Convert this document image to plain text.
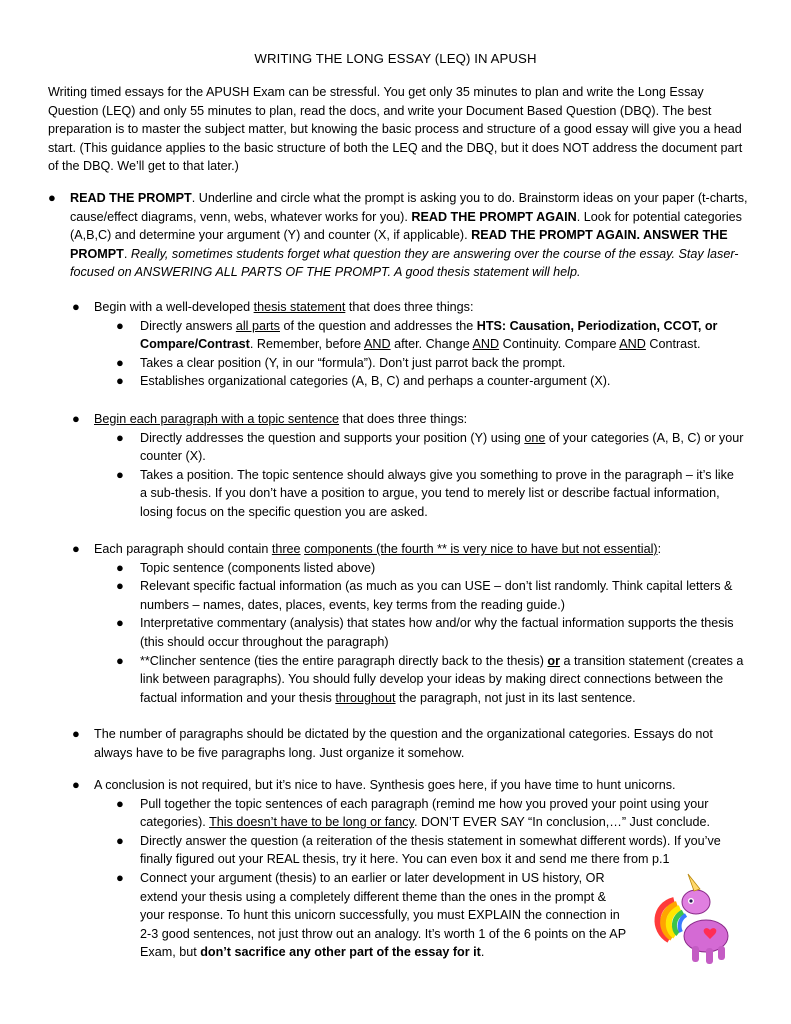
WRITING THE LONG ESSAY (LEQ) IN APUSH

Writing timed essays for the APUSH Exam can be stressful. You get only 35 minutes to plan and write the Long Essay Question (LEQ) and only 55 minutes to plan, read the docs, and write your Document Based Question (DBQ). The best preparation is to master the subject matter, but knowing the basic process and structure of a good essay will give you a head start. (This guidance applies to the basic structure of both the LEQ and the DBQ, but it does NOT address the document part of the DBQ. We’ll get to that later.)

● READ THE PROMPT. Underline and circle what the prompt is asking you to do. Brainstorm ideas on your paper (t-charts, cause/effect diagrams, venn, webs, whatever works for you). READ THE PROMPT AGAIN. Look for potential categories (A,B,C) and determine your argument (Y) and counter (X, if applicable). READ THE PROMPT AGAIN. ANSWER THE PROMPT. Really, sometimes students forget what question they are answering over the course of the essay. Stay laser-focused on ANSWERING ALL PARTS OF THE PROMPT. A good thesis statement will help.
● Begin with a well-developed thesis statement that does three things:
● Directly answers all parts of the question and addresses the HTS: Causation, Periodization, CCOT, or Compare/Contrast. Remember, before AND after. Change AND Continuity. Compare AND Contrast.
● Takes a clear position (Y, in our “formula”). Don’t just parrot back the prompt.
● Establishes organizational categories (A, B, C) and perhaps a counter-argument (X).
● Begin each paragraph with a topic sentence that does three things:
● Directly addresses the question and supports your position (Y) using one of your categories (A, B, C) or your counter (X).
● Takes a position. The topic sentence should always give you something to prove in the paragraph – it’s like a sub-thesis. If you don’t have a position to argue, you tend to merely list or describe factual information, losing focus on the specific question you are asked.
● Each paragraph should contain three components (the fourth ** is very nice to have but not essential):
● Topic sentence (components listed above)
● Relevant specific factual information (as much as you can USE – don’t list randomly. Think capital letters & numbers – names, dates, places, events, key terms from the reading guide.)
● Interpretative commentary (analysis) that states how and/or why the factual information supports the thesis (this should occur throughout the paragraph)
● **Clincher sentence (ties the entire paragraph directly back to the thesis) or a transition statement (creates a link between paragraphs). You should fully develop your ideas by making direct connections between the factual information and your thesis throughout the paragraph, not just in its last sentence.
● The number of paragraphs should be dictated by the question and the organizational categories. Essays do not always have to be five paragraphs long. Just organize it somehow.
● A conclusion is not required, but it’s nice to have. Synthesis goes here, if you have time to hunt unicorns.
● Pull together the topic sentences of each paragraph (remind me how you proved your point using your categories). This doesn’t have to be long or fancy. DON’T EVER SAY “In conclusion,…” Just conclude.
● Directly answer the question (a reiteration of the thesis statement in somewhat different words). If you’ve finally figured out your REAL thesis, try it here. You can even box it and send me there from p.1
● Connect your argument (thesis) to an earlier or later development in US history, OR extend your thesis using a completely different theme than the ones in the prompt & your response. To hunt this unicorn successfully, you must EXPLAIN the connection in 2-3 good sentences, not just throw out an analogy. It’s worth 1 of the 6 points on the AP Exam, but don’t sacrifice any other part of the essay for it.
